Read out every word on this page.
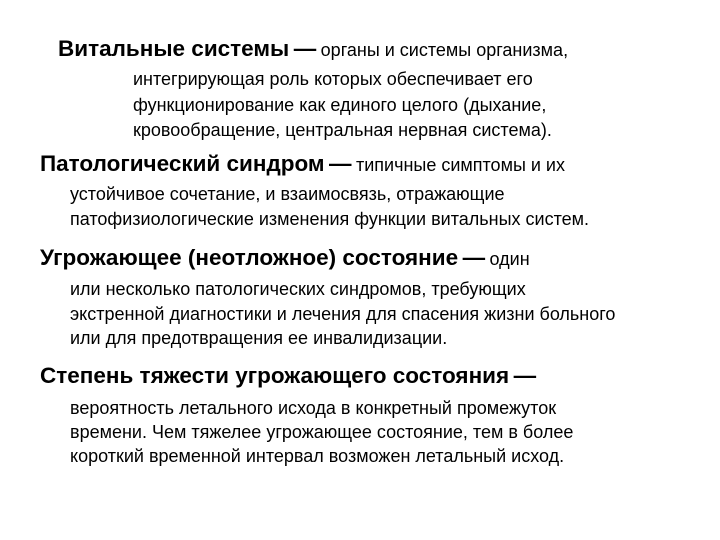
Витальные системы — органы и системы организма,
интегрирующая роль которых обеспечивает его
функционирование как единого целого (дыхание,
кровообращение, центральная нервная система).
Патологический синдром — типичные симптомы и их
устойчивое сочетание, и взаимосвязь, отражающие
патофизиологические изменения функции витальных систем.
Угрожающее (неотложное) состояние — один
или несколько патологических синдромов, требующих
экстренной диагностики и лечения для спасения жизни больного
или для предотвращения ее инвалидизации.
Степень тяжести угрожающего состояния —
вероятность летального исхода в конкретный промежуток
времени. Чем тяжелее угрожающее состояние, тем в более
короткий временной интервал возможен летальный исход.
